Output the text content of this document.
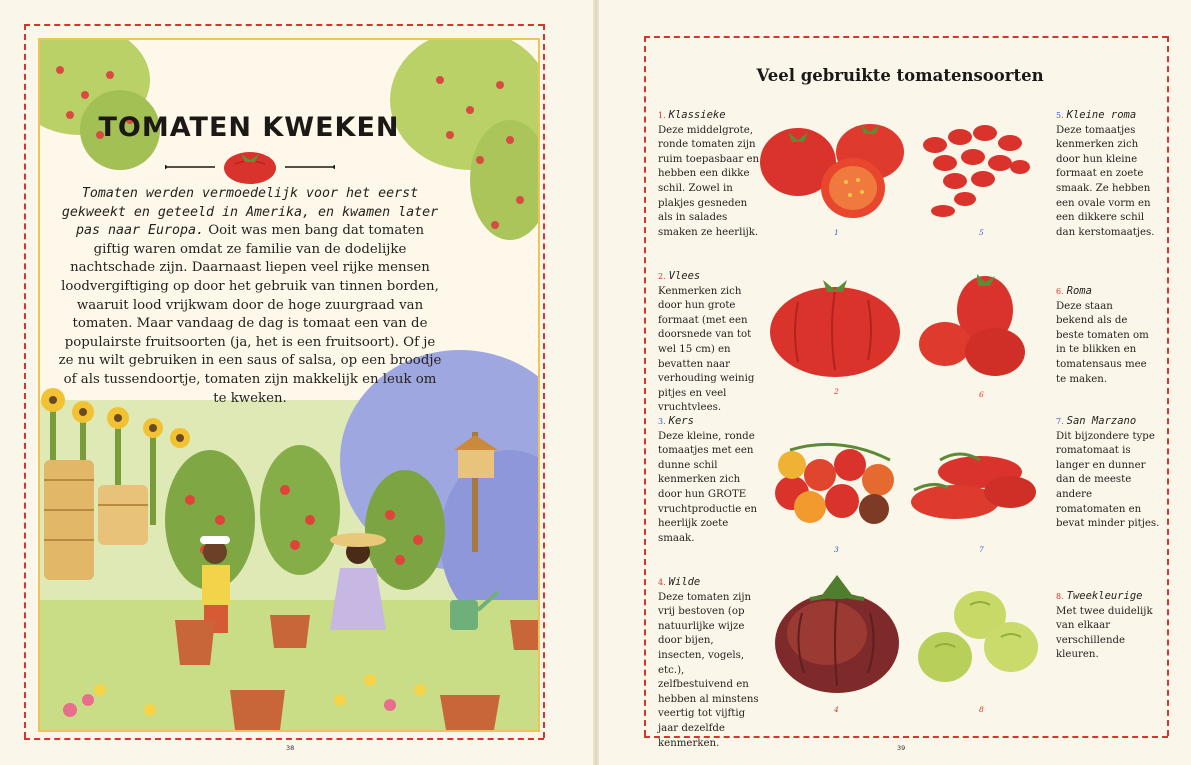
TOMATEN KWEKEN
Tomaten werden vermoedelijk voor het eerst gekweekt en geteeld in Amerika, en kwamen later pas naar Europa. Ooit was men bang dat tomaten giftig waren omdat ze familie van de dodelijke nachtschade zijn. Daarnaast liepen veel rijke mensen loodvergiftiging op door het gebruik van tinnen borden, waaruit lood vrijkwam door de hoge zuurgraad van tomaten. Maar vandaag de dag is tomaat een van de populairste fruitsoorten (ja, het is een fruitsoort). Of je ze nu wilt gebruiken in een saus of salsa, op een broodje of als tussendoortje, tomaten zijn makkelijk en leuk om te kweken.
38
Veel gebruikte tomatensoorten
1. Klassieke
Deze middelgrote, ronde tomaten zijn ruim toepasbaar en hebben een dikke schil. Zowel in plakjes gesneden als in salades smaken ze heerlijk.
2. Vlees
Kenmerken zich door hun grote formaat (met een doorsnede van tot wel 15 cm) en bevatten naar verhouding weinig pitjes en veel vruchtvlees.
3. Kers
Deze kleine, ronde tomaatjes met een dunne schil kenmerken zich door hun GROTE vruchtproductie en heerlijk zoete smaak.
4. Wilde
Deze tomaten zijn vrij bestoven (op natuurlijke wijze door bijen, insecten, vogels, etc.), zelfbestuivend en hebben al minstens veertig tot vijftig jaar dezelfde kenmerken.
5. Kleine roma
Deze tomaatjes kenmerken zich door hun kleine formaat en zoete smaak. Ze hebben een ovale vorm en een dikkere schil dan kerstomaatjes.
6. Roma
Deze staan bekend als de beste tomaten om in te blikken en tomatensaus mee te maken.
7. San Marzano
Dit bijzondere type romatomaat is langer en dunner dan de meeste andere romatomaten en bevat minder pitjes.
8. Tweekleurige
Met twee duidelijk van elkaar verschillende kleuren.
1	5
2	6
3	7
4	8
39
